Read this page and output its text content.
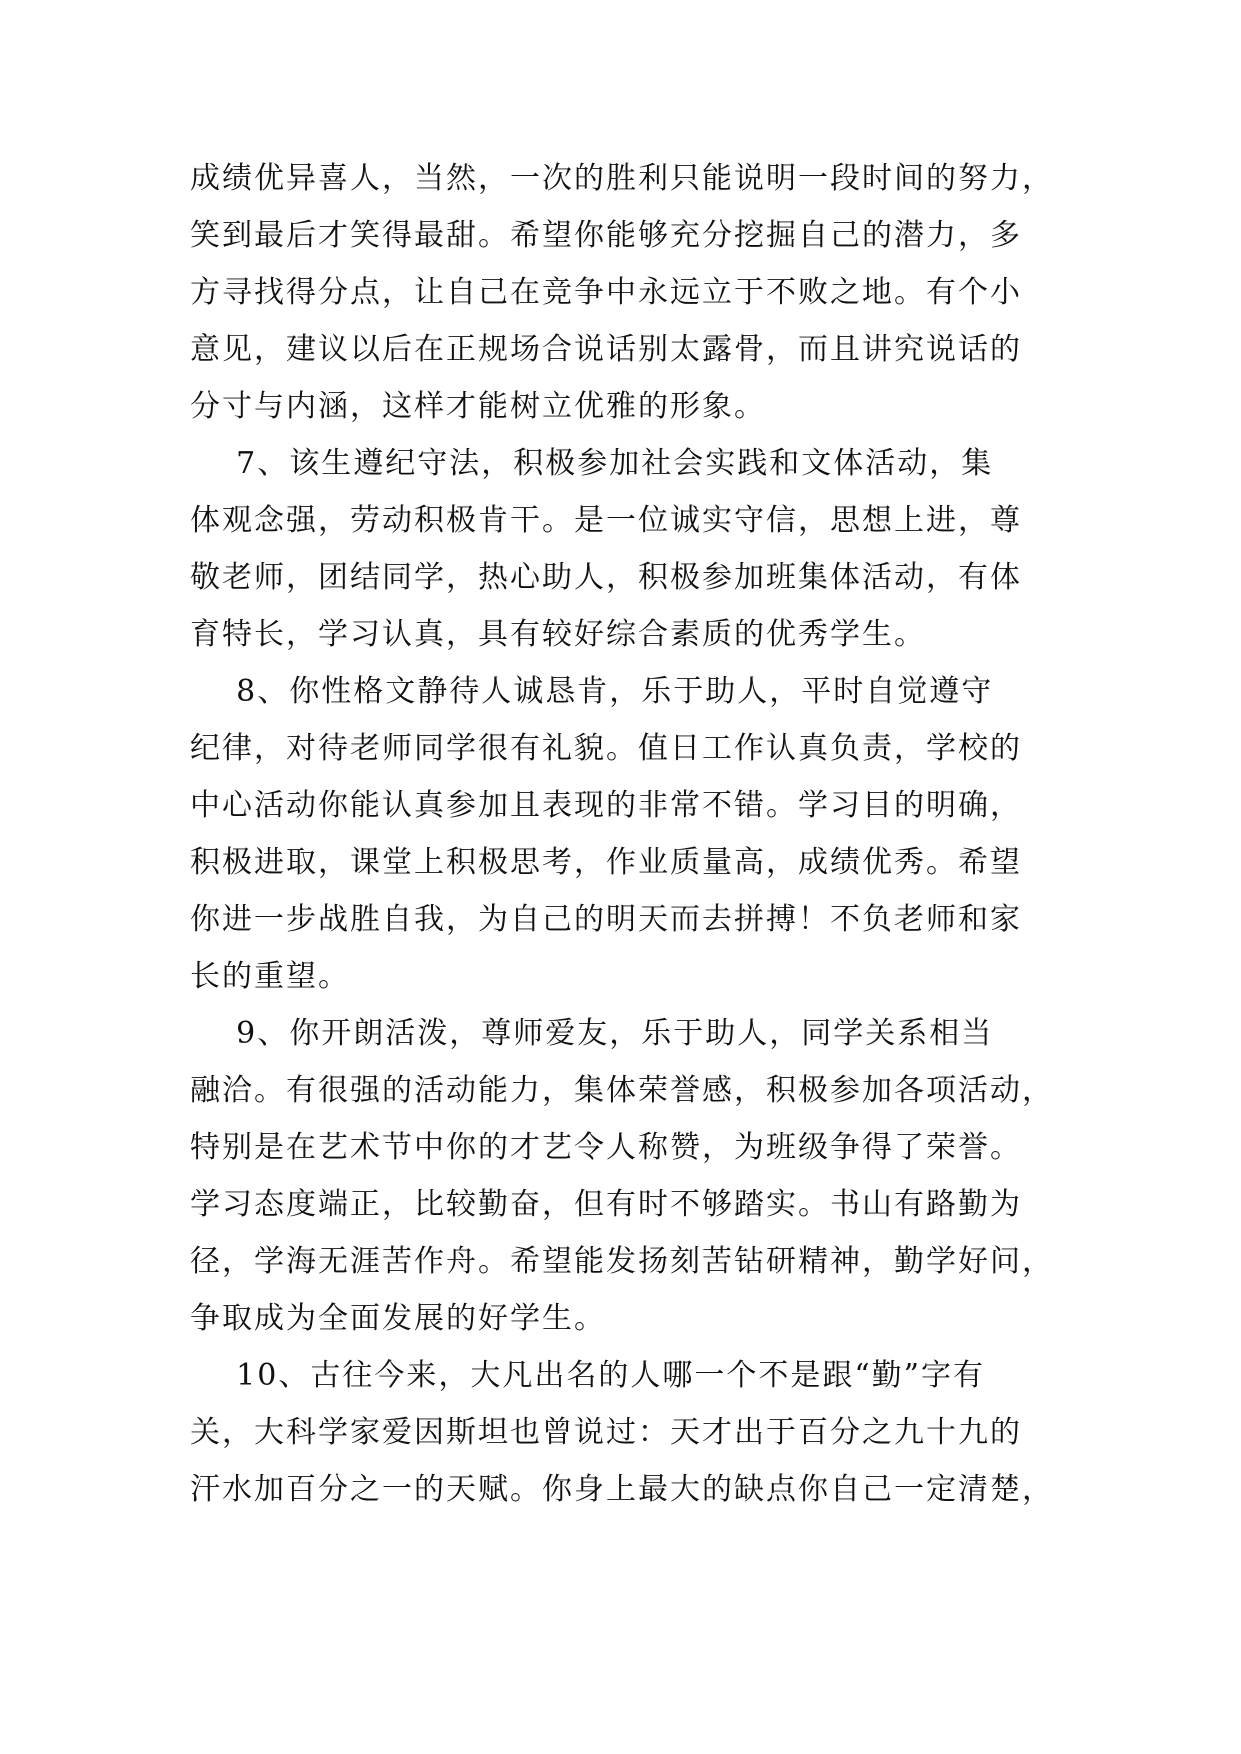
成绩优异喜人，当然，一次的胜利只能说明一段时间的努力，
笑到最后才笑得最甜。希望你能够充分挖掘自己的潜力，多
方寻找得分点，让自己在竞争中永远立于不败之地。有个小
意见，建议以后在正规场合说话别太露骨，而且讲究说话的
分寸与内涵，这样才能树立优雅的形象。
7、该生遵纪守法，积极参加社会实践和文体活动，集
体观念强，劳动积极肯干。是一位诚实守信，思想上进，尊
敬老师，团结同学，热心助人，积极参加班集体活动，有体
育特长，学习认真，具有较好综合素质的优秀学生。
8、你性格文静待人诚恳肯，乐于助人，平时自觉遵守
纪律，对待老师同学很有礼貌。值日工作认真负责，学校的
中心活动你能认真参加且表现的非常不错。学习目的明确，
积极进取，课堂上积极思考，作业质量高，成绩优秀。希望
你进一步战胜自我，为自己的明天而去拼搏！不负老师和家
长的重望。
9、你开朗活泼，尊师爱友，乐于助人，同学关系相当
融洽。有很强的活动能力，集体荣誉感，积极参加各项活动，
特别是在艺术节中你的才艺令人称赞，为班级争得了荣誉。
学习态度端正，比较勤奋，但有时不够踏实。书山有路勤为
径，学海无涯苦作舟。希望能发扬刻苦钻研精神，勤学好问，
争取成为全面发展的好学生。
10、古往今来，大凡出名的人哪一个不是跟“勤”字有
关，大科学家爱因斯坦也曾说过：天才出于百分之九十九的
汗水加百分之一的天赋。你身上最大的缺点你自己一定清楚，
